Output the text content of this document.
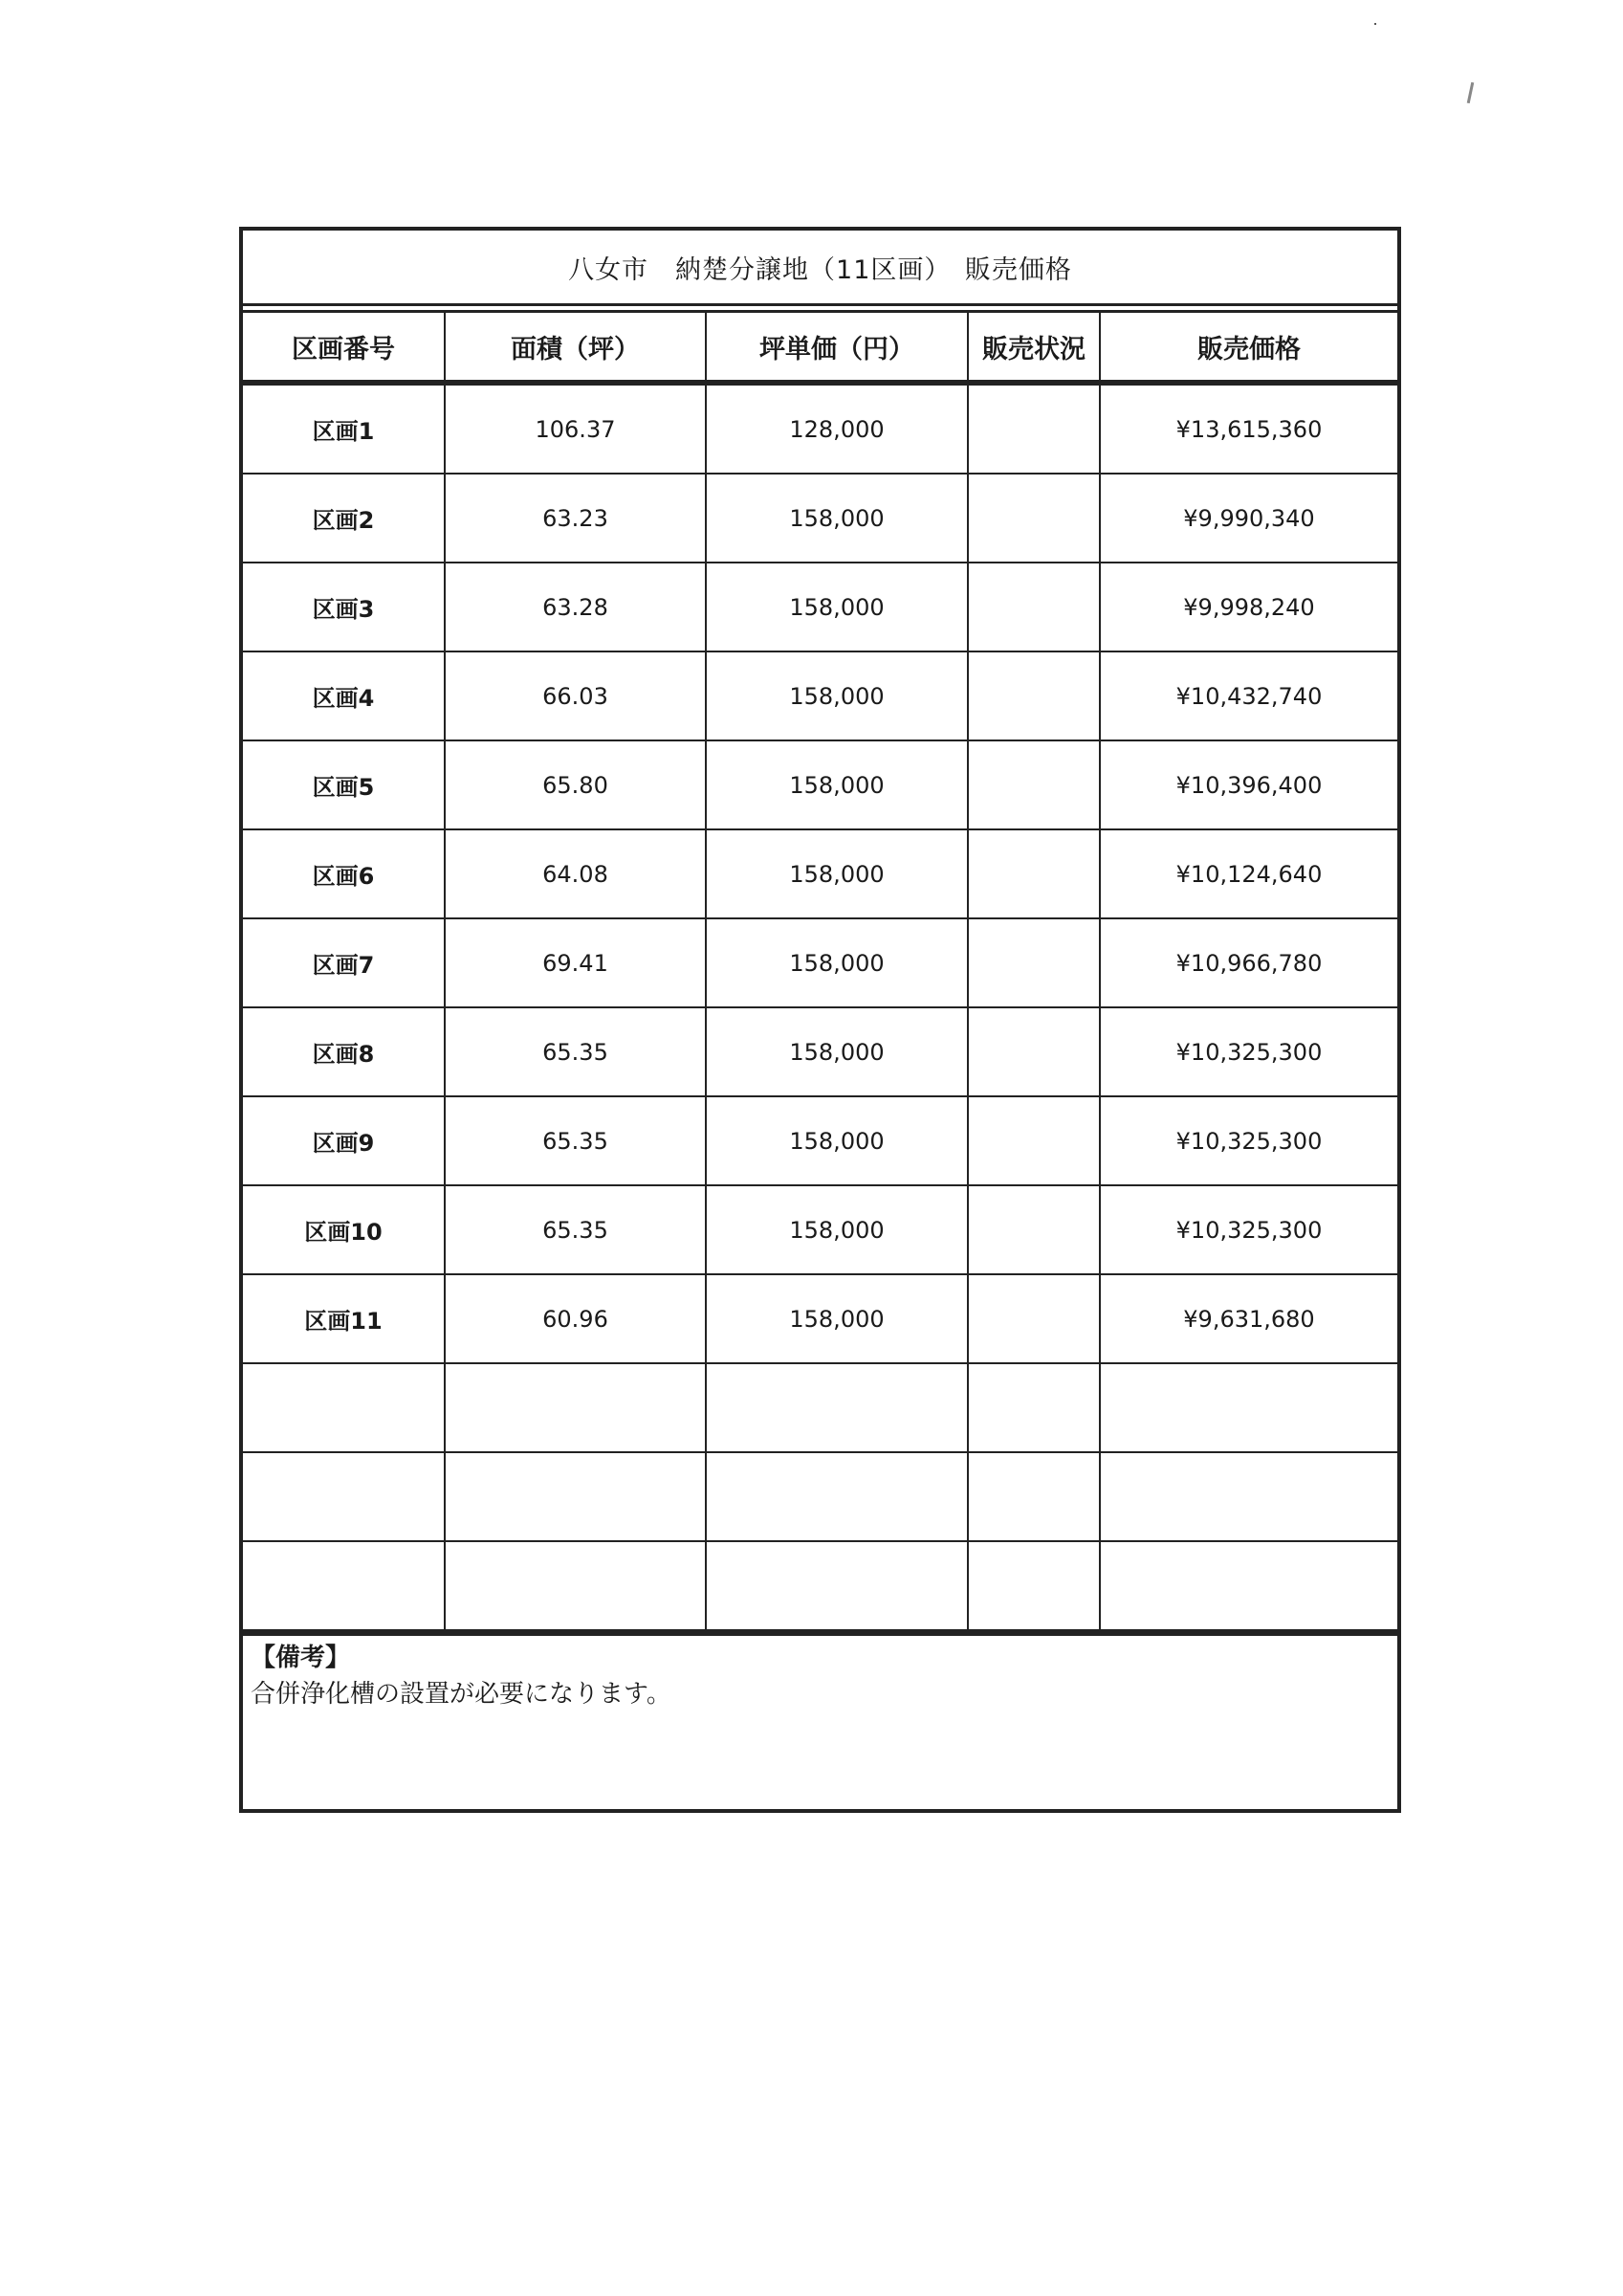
八女市　納楚分譲地（11区画）　販売価格
区画番号	面積（坪）	坪単価（円）	販売状況	販売価格
区画1	106.37	128,000		¥13,615,360
区画2	63.23	158,000		¥9,990,340
区画3	63.28	158,000		¥9,998,240
区画4	66.03	158,000		¥10,432,740
区画5	65.80	158,000		¥10,396,400
区画6	64.08	158,000		¥10,124,640
区画7	69.41	158,000		¥10,966,780
区画8	65.35	158,000		¥10,325,300
区画9	65.35	158,000		¥10,325,300
区画10	65.35	158,000		¥10,325,300
区画11	60.96	158,000		¥9,631,680

【備考】
合併浄化槽の設置が必要になります。
